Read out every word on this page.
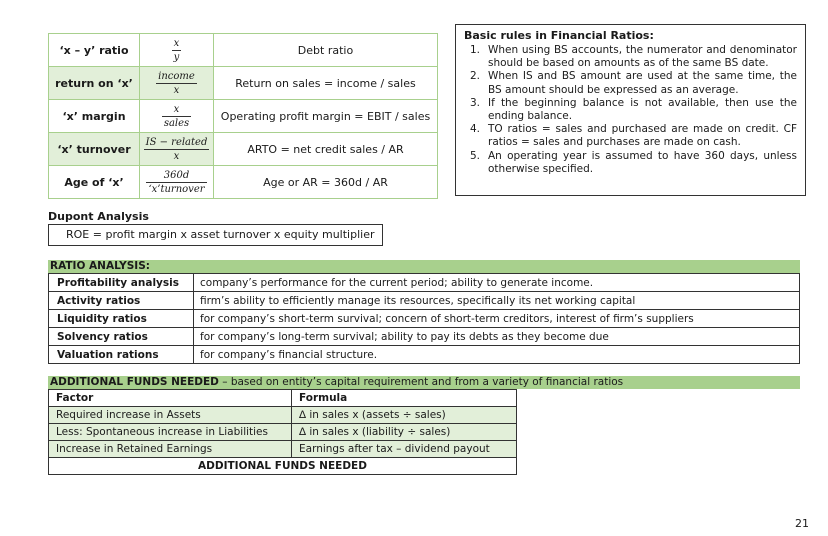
‘x – y’ ratio	$\frac{x}{y}$	Debt ratio
return on ‘x’	$\frac{\text{income}}{x}$	Return on sales = income / sales
‘x’ margin	$\frac{x}{\text{sales}}$	Operating profit margin = EBIT / sales
‘x’ turnover	$\frac{\text{IS − related}}{x}$	ARTO = net credit sales / AR
Age of ‘x’	$\frac{360d}{\text{‘x’turnover}}$	Age or AR = 360d / AR
Basic rules in Financial Ratios:
1. When using BS accounts, the numerator and denominator should be based on amounts as of the same BS date.
2. When IS and BS amount are used at the same time, the BS amount should be expressed as an average.
3. If the beginning balance is not available, then use the ending balance.
4. TO ratios = sales and purchased are made on credit. CF ratios = sales and purchases are made on cash.
5. An operating year is assumed to have 360 days, unless otherwise specified.
Dupont Analysis
ROE = profit margin x asset turnover x equity multiplier
RATIO ANALYSIS:
Profitability analysis	company’s performance for the current period; ability to generate income.
Activity ratios	firm’s ability to efficiently manage its resources, specifically its net working capital
Liquidity ratios	for company’s short-term survival; concern of short-term creditors, interest of firm’s suppliers
Solvency ratios	for company’s long-term survival; ability to pay its debts as they become due
Valuation rations	for company’s financial structure.
ADDITIONAL FUNDS NEEDED – based on entity’s capital requirement and from a variety of financial ratios
Factor	Formula
Required increase in Assets	∆ in sales x (assets ÷ sales)
Less: Spontaneous increase in Liabilities	∆ in sales x (liability ÷ sales)
Increase in Retained Earnings	Earnings after tax – dividend payout
ADDITIONAL FUNDS NEEDED	
21
